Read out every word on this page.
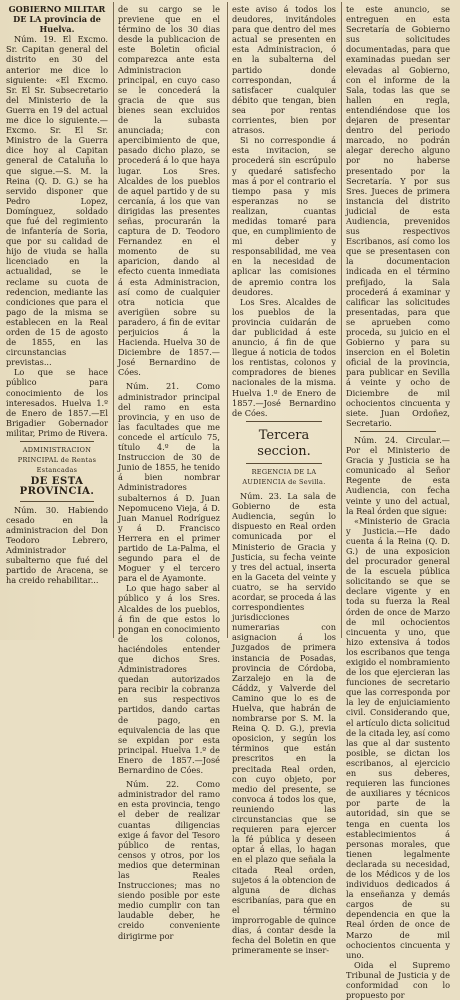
GOBIERNO MILITAR DE LA provincia de Huelva.

Núm. 19. El Excmo. Sr. Capitan general del distrito en 30 del anterior me dice lo siguiente: «El Excmo. Sr. El Sr. Subsecretario del Ministerio de la Guerra en 19 del actual me dice lo siguiente.—Excmo. Sr. El Sr. Ministro de la Guerra dice hoy al Capitan general de Cataluña lo que sigue.—S. M. la Reina (Q. D. G.) se ha servido disponer que Pedro Lopez, Domínguez, soldado que fué del regimiento de infantería de Soria, que por su calidad de hijo de viuda se halla licenciado en la actualidad, se le reclame su cuota de redencion, mediante las condiciones que para el pago de la misma se establecen en la Real orden de 15 de agosto de 1855, en las circunstancias previstas...

Lo que se hace público para conocimiento de los interesados. Huelva 1.º de Enero de 1857.—El Brigadier Gobernador militar, Primo de Rivera.

ADMINISTRACION PRINCIPAL de Rentas Estancadas

DE ESTA PROVINCIA.

Núm. 30. Habiendo cesado en la administracion del Don Teodoro Lebrero, Administrador subalterno que fué del partido de Aracena, se ha creido rehabilitar...

de su cargo se le previene que en el término de los 30 dias desde la publicacion de este Boletin oficial comparezca ante esta Administracion principal, en cuyo caso se le concederá la gracia de que sus bienes sean excluidos de la subasta anunciada; con apercibimiento de que, pasado dicho plazo, se procederá á lo que haya lugar. Los Sres. Alcaldes de los pueblos de aquel partido y de su cercanía, á los que van dirigidas las presentes señas, procurarán la captura de D. Teodoro Fernandez en el momento de su aparicion, dando al efecto cuenta inmediata á esta Administracion, así como de cualquier otra noticia que averigüen sobre su paradero, á fin de evitar perjuicios á la Hacienda. Huelva 30 de Diciembre de 1857.—José Bernardino de Cóes.

Núm. 21. Como administrador principal del ramo en esta provincia, y en uso de las facultades que me concede el artículo 75, título 4.º de la Instruccion de 30 de Junio de 1855, he tenido á bien nombrar Administradores subalternos á D. Juan Nepomuceno Vieja, á D. Juan Manuel Rodríguez y á D. Francisco Herrera en el primer partido de La-Palma, el segundo para el de Moguer y el tercero para el de Ayamonte.

Lo que hago saber al público y á los Sres. Alcaldes de los pueblos, á fin de que estos lo pongan en conocimiento de los colonos, haciéndoles entender que dichos Sres. Administradores quedan autorizados para recibir la cobranza en sus respectivos partidos, dando cartas de pago, en equivalencia de las que se expidan por esta principal. Huelva 1.º de Enero de 1857.—José Bernardino de Cóes.

Núm. 22. Como administrador del ramo en esta provincia, tengo el deber de realizar cuantas diligencias exige á favor del Tesoro público de rentas, censos y otros, por los medios que determinan las Reales Instrucciones; mas no siendo posible por este medio cumplir con tan laudable deber, he creido conveniente dirigirme por

este aviso á todos los deudores, invitándoles para que dentro del mes actual se presenten en esta Administracion, ó en la subalterna del partido donde correspondan, á satisfacer cualquier débito que tengan, bien sea por rentas corrientes, bien por atrasos.

Si no correspondie á esta invitacion, se procederá sin escrúpulo y quedaré satisfecho mas á por el contrario el tiempo pasa y mis esperanzas no se realizan, cuantas medidas tomaré para que, en cumplimiento de mi deber y responsabilidad, me vea en la necesidad de aplicar las comisiones de apremio contra los deudores.

Los Sres. Alcaldes de los pueblos de la provincia cuidarán de dar publicidad á este anuncio, á fin de que llegue á noticia de todos los rentistas, colonos y compradores de bienes nacionales de la misma. Huelva 1.º de Enero de 1857.—José Bernardino de Cóes.

Tercera seccion.

REGENCIA DE LA AUDIENCIA de Sevilla.

Núm. 23. La sala de Gobierno de esta Audiencia, según lo dispuesto en Real orden comunicada por el Ministerio de Gracia y Justicia, su fecha veinte y tres del actual, inserta en la Gaceta del veinte y cuatro, se ha servido acordar, se proceda á las correspondientes jurisdicciones numerarias con asignacion á los Juzgados de primera instancia de Posadas, provincia de Córdoba, Zarzalejo en la de Cáddz, y Valverde del Camino que lo es de Huelva, que habrán de nombrarse por S. M. la Reina Q. D. G.), previa oposicion, y según los términos que están prescritos en la precitada Real orden, con cuyo objeto, por medio del presente, se convoca á todos los que, reuniendo las circunstancias que se requieren para ejercer la fé pública y deseen optar á ellas, lo hagan en el plazo que señala la citada Real orden, sujetos á la obtencion de alguna de dichas escribanías, para que en el término improrrogable de quince dias, á contar desde la fecha del Boletin en que primeramente se inser-

te este anuncio, se entreguen en esta Secretaría de Gobierno sus solicitudes documentadas, para que examinadas puedan ser elevadas al Gobierno, con el informe de la Sala, todas las que se hallen en regla, entendiéndose que los dejaren de presentar dentro del periodo marcado, no podrán alegar derecho alguno por no haberse presentado por la Secretaría. Y por sus Sres. Jueces de primera instancia del distrito judicial de esta Audiencia, prevenidos sus respectivos Escribanos, así como los que se presentasen con la documentacion indicada en el término prefijado, la Sala procederá á examinar y calificar las solicitudes presentadas, para que se aprueben como proceda, su juicio en el Gobierno y para su insercion en el Boletin oficial de la provincia, para publicar en Sevilla á veinte y ocho de Diciembre de mil ochocientos cincuenta y siete. Juan Ordoñez, Secretario.

Núm. 24. Circular.—Por el Ministerio de Gracia y Justicia se ha comunicado al Señor Regente de esta Audiencia, con fecha veinte y uno del actual, la Real órden que sigue:

«Ministerio de Gracia y Justicia.—He dado cuenta á la Reina (Q. D. G.) de una exposicion del procurador general de la escuela pública solicitando se que se declare vigente y en toda su fuerza la Real órden de once de Marzo de mil ochocientos cincuenta y uno, que hizo extensiva á todos los escribanos que tenga exigido el nombramiento de los que ejercieran las funciones de secretario que las corresponda por la ley de enjuiciamiento civil. Considerando que, el artículo dicta solicitud de la citada ley, así como las que al dar sustento posible, se dictan los escribanos, al ejercicio en sus deberes, requieren las funciones de auxiliares y técnicos por parte de la autoridad, sin que se tenga en cuenta los establecimientos á personas morales, que tienen legalmente declarada su necesidad, de los Médicos y de los individuos dedicados á la enseñanza y demás cargos de su dependencia en que la Real órden de once de Marzo de mil ochocientos cincuenta y uno.

Oida el Supremo Tribunal de Justicia y de conformidad con lo propuesto por
